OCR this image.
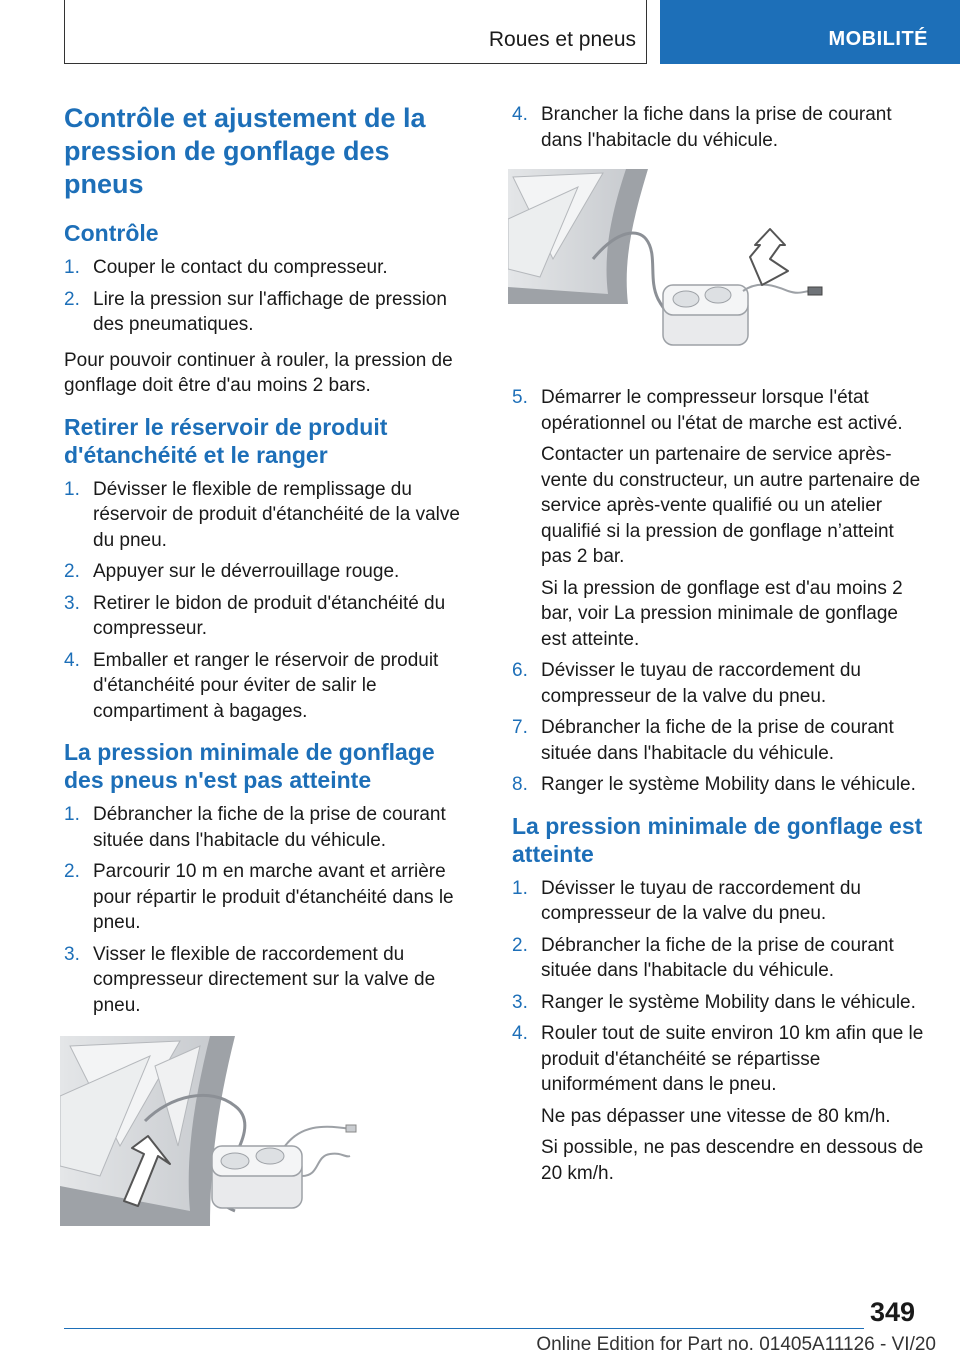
Roues et pneus	MOBILITÉ
Contrôle et ajustement de la pression de gonflage des pneus
Contrôle
1. Couper le contact du compresseur.
2. Lire la pression sur l'affichage de pression des pneumatiques.

Pour pouvoir continuer à rouler, la pression de gonflage doit être d'au moins 2 bars.

Retirer le réservoir de produit d'étanchéité et le ranger
1. Dévisser le flexible de remplissage du réservoir de produit d'étanchéité de la valve du pneu.
2. Appuyer sur le déverrouillage rouge.
3. Retirer le bidon de produit d'étanchéité du compresseur.
4. Emballer et ranger le réservoir de produit d'étanchéité pour éviter de salir le compartiment à bagages.
La pression minimale de gonflage des pneus n'est pas atteinte
1. Débrancher la fiche de la prise de courant située dans l'habitacle du véhicule.
2. Parcourir 10 m en marche avant et arrière pour répartir le produit d'étanchéité dans le pneu.
3. Visser le flexible de raccordement du compresseur directement sur la valve de pneu.
4. Brancher la fiche dans la prise de courant dans l'habitacle du véhicule.
5. Démarrer le compresseur lorsque l'état opérationnel ou l'état de marche est activé.
Contacter un partenaire de service après-vente du constructeur, un autre partenaire de service après-vente qualifié ou un atelier qualifié si la pression de gonflage n’atteint pas 2 bar.
Si la pression de gonflage est d'au moins 2 bar, voir La pression minimale de gonflage est atteinte.
6. Dévisser le tuyau de raccordement du compresseur de la valve du pneu.
7. Débrancher la fiche de la prise de courant située dans l'habitacle du véhicule.
8. Ranger le système Mobility dans le véhicule.
La pression minimale de gonflage est atteinte
1. Dévisser le tuyau de raccordement du compresseur de la valve du pneu.
2. Débrancher la fiche de la prise de courant située dans l'habitacle du véhicule.
3. Ranger le système Mobility dans le véhicule.
4. Rouler tout de suite environ 10 km afin que le produit d'étanchéité se répartisse uniformément dans le pneu.
Ne pas dépasser une vitesse de 80 km/h.
Si possible, ne pas descendre en dessous de 20 km/h.
349
Online Edition for Part no. 01405A11126 - VI/20
